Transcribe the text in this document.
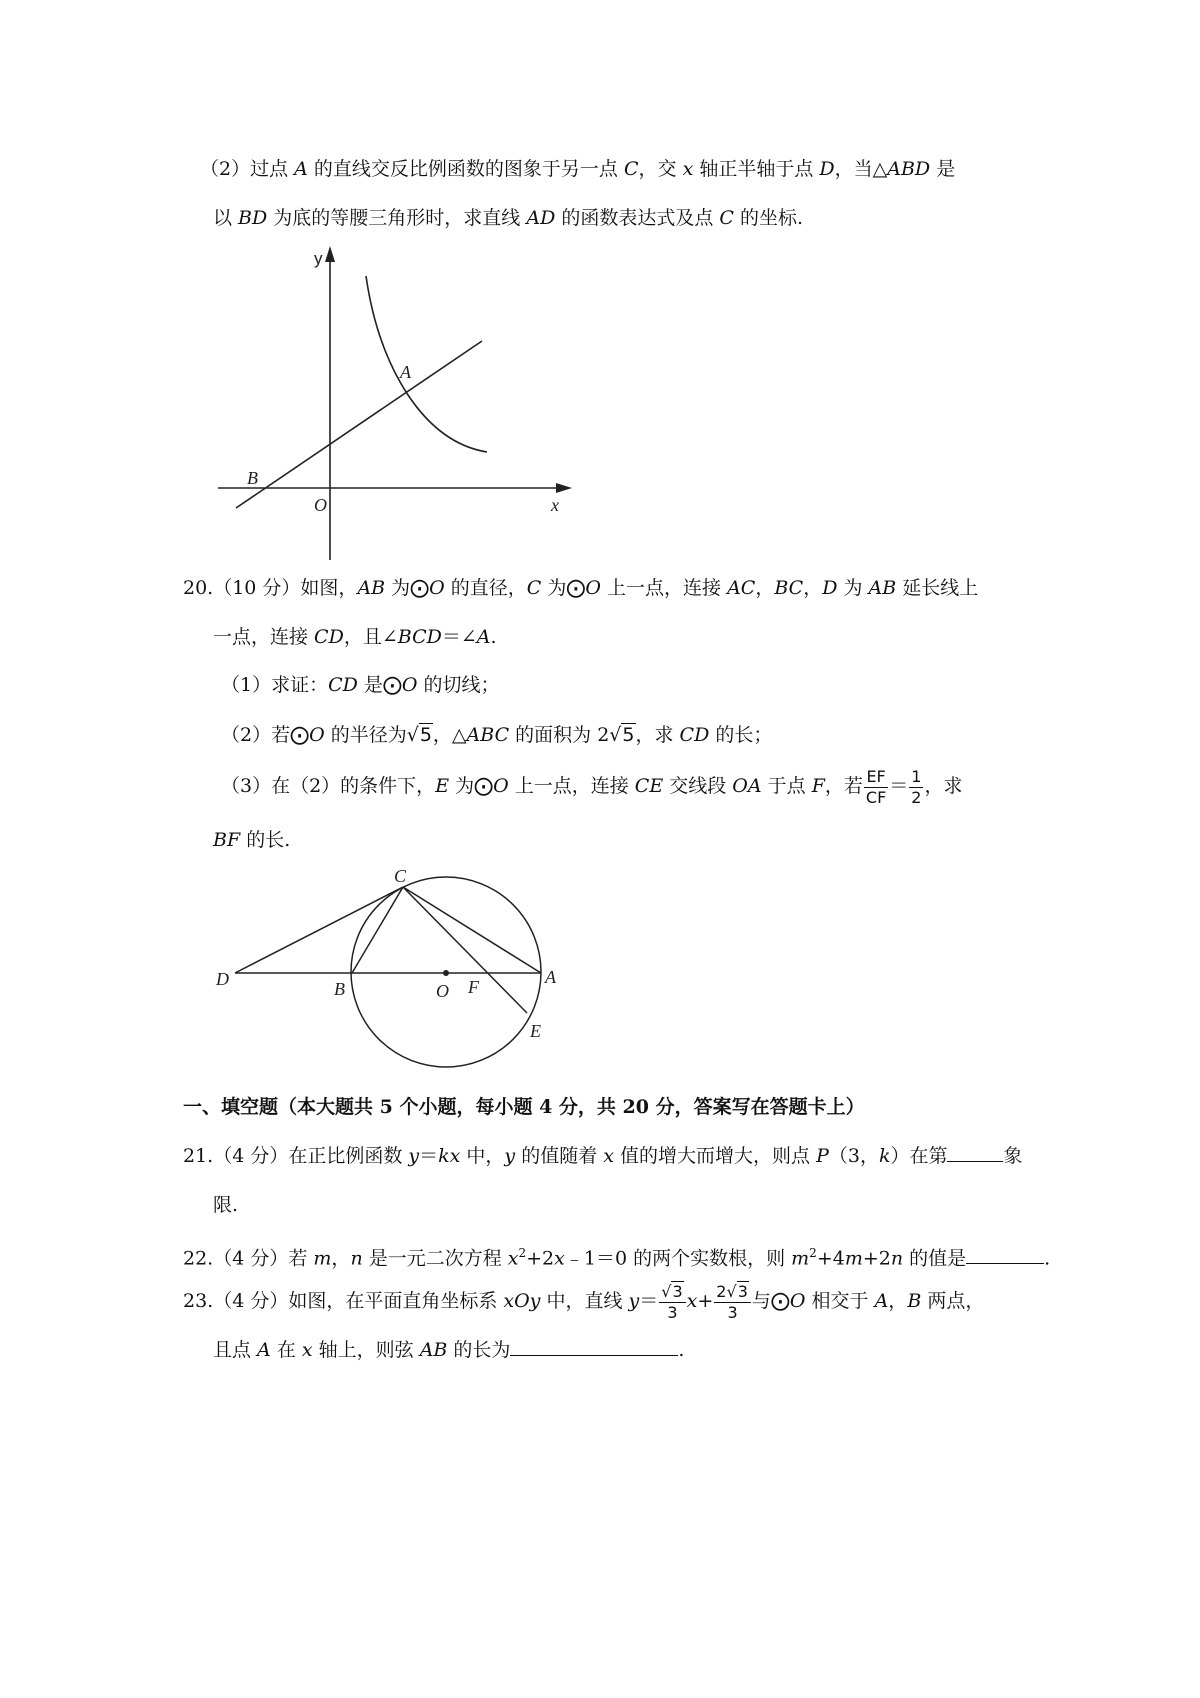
（2）过点 A 的直线交反比例函数的图象于另一点 C，交 x 轴正半轴于点 D，当△ABD 是
以 BD 为底的等腰三角形时，求直线 AD 的函数表达式及点 C 的坐标.
y
x
A
B
O
20.（10 分）如图，AB 为⨀O 的直径，C 为⨀O 上一点，连接 AC，BC，D 为 AB 延长线上
一点，连接 CD，且∠BCD＝∠A.
（1）求证：CD 是⨀O 的切线；
（2）若⨀O 的半径为√5，△ABC 的面积为 2√5，求 CD 的长；
（3）在（2）的条件下，E 为⨀O 上一点，连接 CE 交线段 OA 于点 F，若 $\frac{EF}{CF} = \frac{1}{2}$ ，求
BF 的长.
C
D	B	O F	A
E
一、填空题（本大题共 5 个小题，每小题 4 分，共 20 分，答案写在答题卡上）
21.（4 分）在正比例函数 y＝kx 中，y 的值随着 x 值的增大而增大，则点 P（3，k）在第	象
限.
22.（4 分）若 m，n 是一元二次方程 $x^2+2x﹣1=0$ 的两个实数根，则 $m^2+4m+2n$ 的值是	.
23.（4 分）如图，在平面直角坐标系 xOy 中，直线 $y= \frac{√3}{3} x+ \frac{2√3}{3}$ 与⨀O 相交于 A，B 两点，
且点 A 在 x 轴上，则弦 AB 的长为	.
